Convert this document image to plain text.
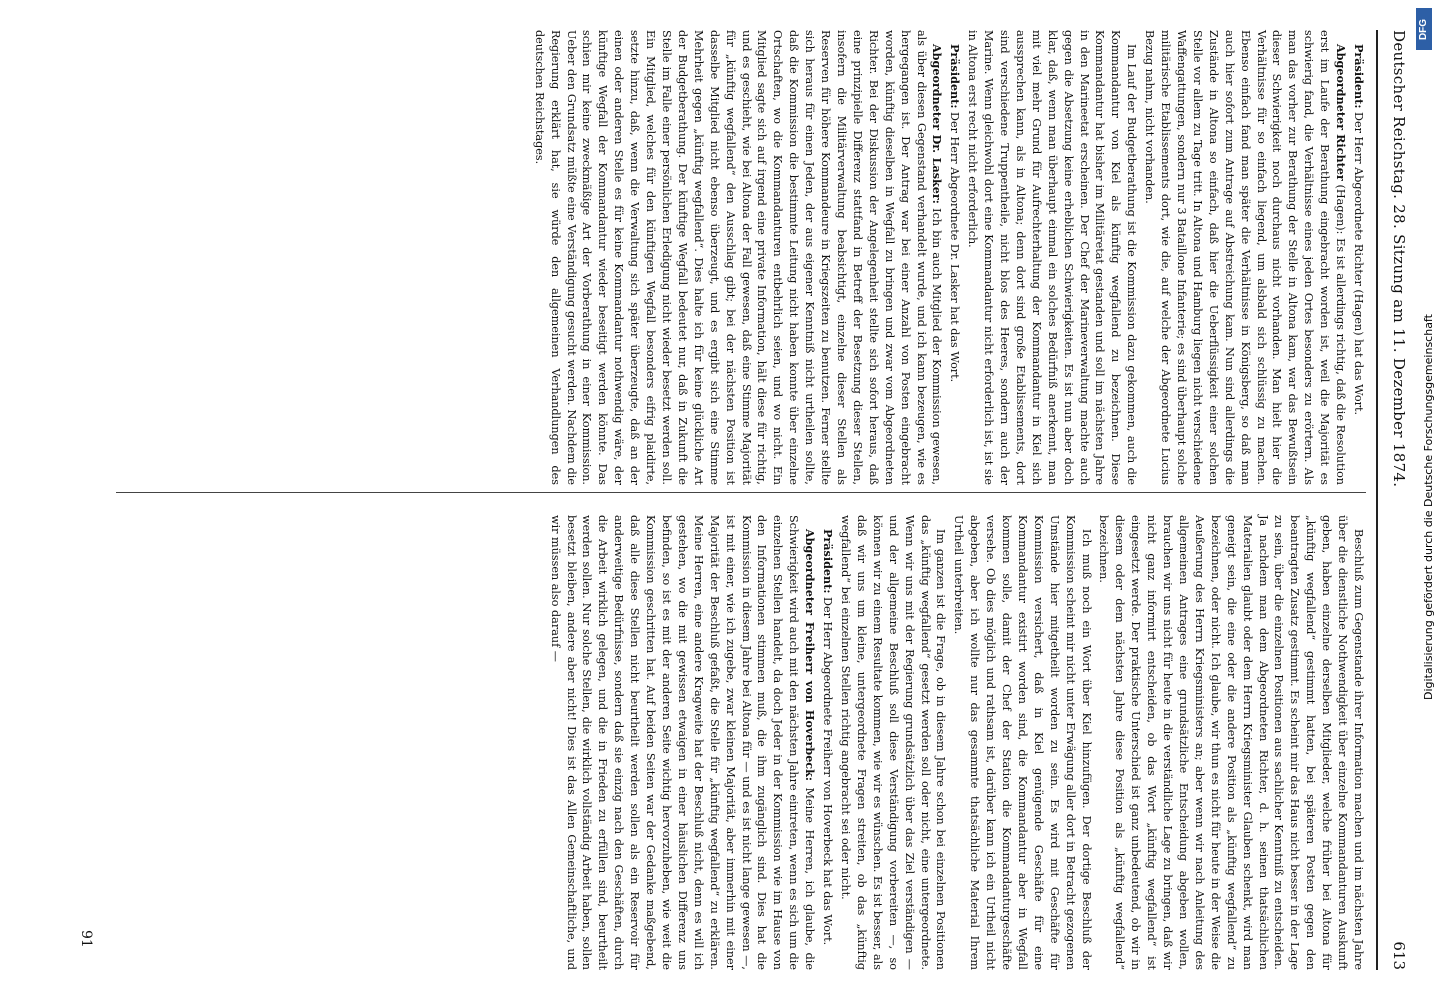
Deutscher Reichstag. 28. Sitzung am 11. Dezember 1874.
613

Präsident: Der Herr Abgeordnete Richter (Hagen) hat das Wort.

Abgeordneter Richter (Hagen): Es ist allerdings richtig, daß die Resolution erst im Laufe der Berathung eingebracht worden ist, weil die Majorität es schwierig fand, die Verhältnisse eines jeden Ortes besonders zu erörtern. Als man das vorher zur Berathung der Stelle in Altona kam, war das Bewußtsein dieser Schwierigkeit noch durchaus nicht vorhanden. Man hielt hier die Verhältnisse für so einfach liegend, um alsbald sich schlüssig zu machen. Ebenso einfach fand man später die Verhältnisse in Königsberg, so daß man auch hier sofort zum Antrage auf Abstreichung kam. Nun sind allerdings die Zustände in Altona so einfach, daß hier die Ueberflüssigkeit einer solchen Stelle vor allem zu Tage tritt. In Altona und Hamburg liegen nicht verschiedene Waffengattungen, sondern nur 3 Bataillone Infanterie; es sind überhaupt solche militärische Etablissements dort, wie die, auf welche der Abgeordnete Lucius Bezug nahm, nicht vorhanden.

Im Lauf der Budgetberathung ist die Kommission dazu gekommen, auch die Kommandantur von Kiel als künftig wegfallend zu bezeichnen. Diese Kommandantur hat bisher im Militäretat gestanden und soll im nächsten Jahre in den Marineetat erscheinen. Der Chef der Marineverwaltung machte auch gegen die Absetzung keine erheblichen Schwierigkeiten. Es ist nun aber doch klar, daß, wenn man überhaupt einmal ein solches Bedürfniß anerkennt, man mit viel mehr Grund für Aufrechterhaltung der Kommandantur in Kiel sich aussprechen kann, als in Altona; denn dort sind große Etablissements, dort sind verschiedene Truppentheile, nicht blos des Heeres, sondern auch der Marine. Wenn gleichwohl dort eine Kommandantur nicht erforderlich ist, ist sie in Altona erst recht nicht erforderlich.

Präsident: Der Herr Abgeordnete Dr. Lasker hat das Wort.

Abgeordneter Dr. Lasker: Ich bin auch Mitglied der Kommission gewesen, als über diesen Gegenstand verhandelt wurde, und ich kann bezeugen, wie es hergegangen ist. Der Antrag war bei einer Anzahl von Posten eingebracht worden, künftig dieselben in Wegfall zu bringen und zwar vom Abgeordneten Richter. Bei der Diskussion der Angelegenheit stellte sich sofort heraus, daß eine prinzipielle Differenz stattfand in Betreff der Besetzung dieser Stellen, insofern die Militärverwaltung beabsichtigt, einzelne dieser Stellen als Reserven für höhere Kommandeure in Kriegszeiten zu benutzen. Ferner stellte sich heraus für einen Jeden, der aus eigener Kenntniß nicht urtheilen sollte, daß die Kommission die bestimmte Leitung nicht haben konnte über einzelne Ortschaften, wo die Kommandanturen entbehrlich seien, und wo nicht. Ein Mitglied sagte sich auf irgend eine private Information, hält diese für richtig, und es geschieht, wie bei Altona der Fall gewesen, daß eine Stimme Majorität für „künftig wegfallend“ den Ausschlag gibt; bei der nächsten Position ist dasselbe Mitglied nicht ebenso überzeugt, und es ergibt sich eine Stimme Mehrheit gegen „künftig wegfallend“. Dies halte ich für keine glückliche Art der Budgetberathung. Der künftige Wegfall bedeutet nur, daß in Zukunft die Stelle im Falle einer persönlichen Erledigung nicht wieder besetzt werden soll. Ein Mitglied, welches für den künftigen Wegfall besonders eifrig plaidirte, setzte hinzu, daß, wenn die Verwaltung sich später überzeugte, daß an der einen oder anderen Stelle es für keine Kommandantur nothwendig wäre, der künftige Wegfall der Kommandantur wieder beseitigt werden könnte. Das schien mir keine zweckmäßige Art der Vorberathung in einer Kommission. Ueber den Grundsatz müßte eine Verständigung gesucht werden. Nachdem die Regierung erklärt hat, sie würde den allgemeinen Verhandlungen des deutschen Reichstages.

Beschluß zum Gegenstande ihrer Information machen und im nächsten Jahre über die dienstliche Nothwendigkeit über einzelne Kommandanturen Auskunft geben, haben einzelne derselben Mitglieder, welche früher bei Altona für „künftig wegfallend“ gestimmt hatten, bei späteren Posten gegen den beantragten Zusatz gestimmt. Es scheint mir das Haus nicht besser in der Lage zu sein, über die einzelnen Positionen aus sachlicher Kenntniß zu entscheiden. Ja nachdem man dem Abgeordneten Richter, d. h. seinen thatsächlichen Materialien glaubt oder dem Herrn Kriegsminister Glauben schenkt, wird man geneigt sein, die eine oder die andere Position als „künftig wegfallend“ zu bezeichnen, oder nicht. Ich glaube, wir thun es nicht für heute in der Weise die Aeußerung des Herrn Kriegsministers an; aber wenn wir nach Anleitung des allgemeinen Antrages eine grundsätzliche Entscheidung abgeben wollen, brauchen wir uns nicht für heute in die verständliche Lage zu bringen, daß wir nicht ganz informirt entscheiden, ob das Wort „künftig wegfallend“ ist eingesetzt werde. Der praktische Unterschied ist ganz unbedeutend, ob wir in diesem oder dem nächsten Jahre diese Position als „künftig wegfallend“ bezeichnen.

Ich muß noch ein Wort über Kiel hinzufügen. Der dortige Beschluß der Kommission scheint mir nicht unter Erwägung aller dort in Betracht gezogenen Umstände hier mitgetheilt worden zu sein. Es wird mit Geschäfte für Kommission versichert, daß in Kiel genügende Geschäfte für eine Kommandantur existirt worden sind, die Kommandantur aber in Wegfall kommen solle, damit der Chef der Station die Kommandanturgeschäfte versehe. Ob dies möglich und rathsam ist, darüber kann ich ein Urtheil nicht abgeben, aber ich wollte nur das gesammte thatsächliche Material Ihrem Urtheil unterbreiten.

Im ganzen ist die Frage, ob in diesem Jahre schon bei einzelnen Positionen das „künftig wegfallend“ gesetzt werden soll oder nicht, eine untergeordnete. Wenn wir uns mit der Regierung grundsätzlich über das Ziel verständigen — und der allgemeine Beschluß soll diese Verständigung vorbereiten —, so können wir zu einem Resultate kommen, wie wir es wünschen. Es ist besser, als daß wir uns um kleine, untergeordnete Fragen streiten, ob das „künftig wegfallend“ bei einzelnen Stellen richtig angebracht sei oder nicht.

Präsident: Der Herr Abgeordnete Freiherr von Hoverbeck hat das Wort.

Abgeordneter Freiherr von Hoverbeck: Meine Herren, ich glaube, die Schwierigkeit wird auch mit den nächsten Jahre eintreten, wenn es sich um die einzelnen Stellen handelt, da doch Jeder in der Kommission wie im Hause von den Informationen stimmen muß, die ihm zugänglich sind. Dies hat die Kommission in diesem Jahre bei Altona für — und es ist nicht lange gewesen —, ist mit einer, wie ich zugebe, zwar kleinen Majorität, aber immerhin mit einer Majorität der Beschluß gefaßt, die Stelle für „künftig wegfallend“ zu erklären. Meine Herren, eine andere Kragweite hat der Beschluß nicht, denn es will ich gestehen, wo die mit gewissen etwaigen in einer häuslichen Differenz uns befinden, so ist es mit der anderen Seite wichtig hervorzuheben, wie weit die Kommission geschritten hat. Auf beiden Seiten war der Gedanke maßgebend, daß alle diese Stellen nicht beurtheilt werden sollen als ein Reservoir für anderweitige Bedürfnisse, sondern daß sie einzig nach den Geschäften, durch die Arbeit wirklich gelegen, und die in Frieden zu erfüllen sind, beurtheilt werden sollen. Nur solche Stellen, die wirklich vollständig Arbeit haben, sollen besetzt bleiben, andere aber nicht! Dies ist das Allen Gemeinschaftliche, und wir müssen also darauf —

91
DFG
Digitalisierung gefördert durch die Deutsche Forschungsgemeinschaft
